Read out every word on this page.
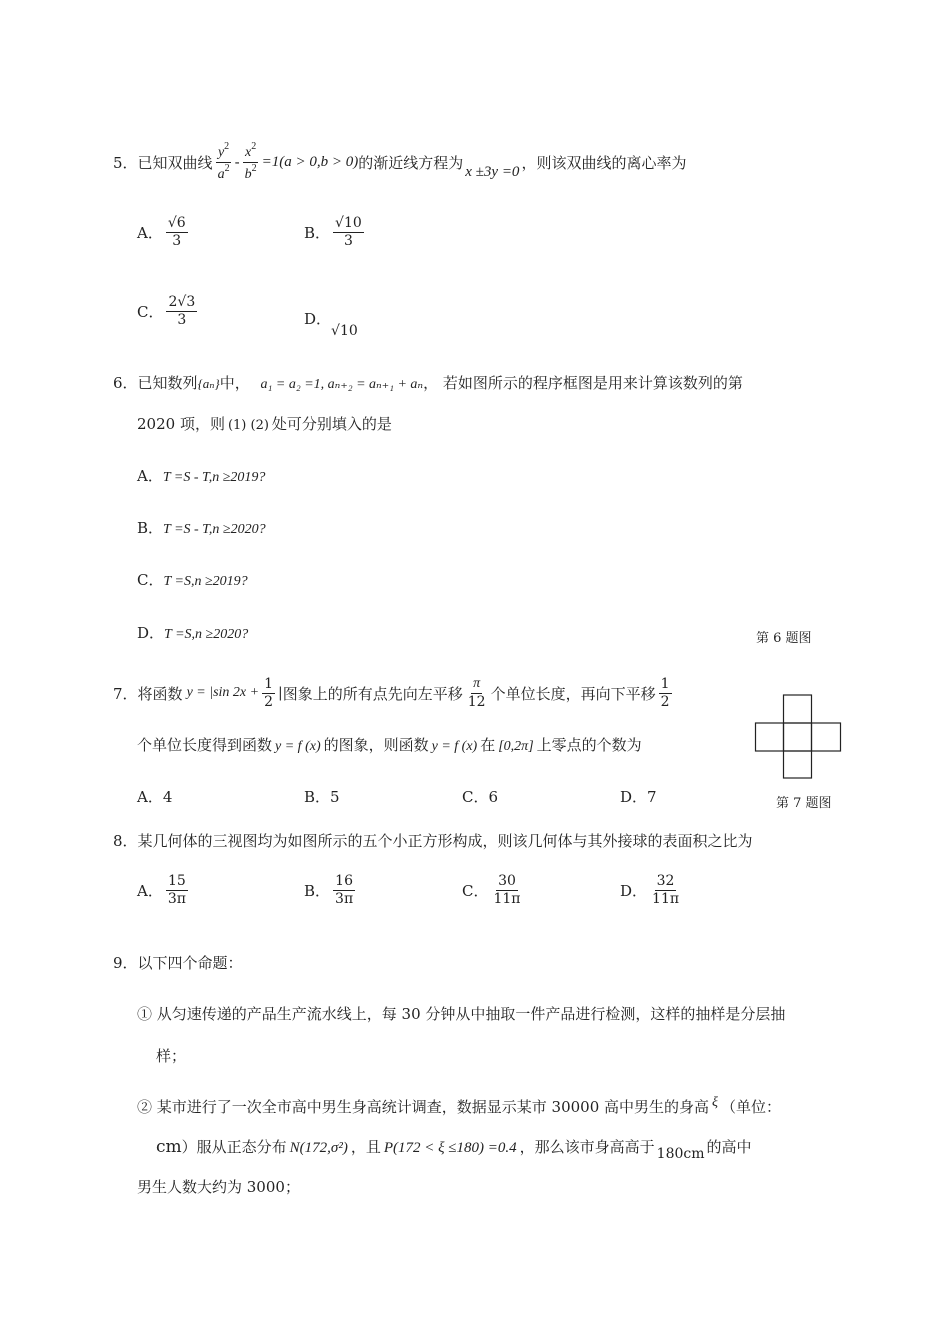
5． 已知双曲线 $\frac{y^2}{a^2} - \frac{x^2}{b^2} =1(a > 0,b > 0)$ 的渐近线方程为 x ±3y =0 ，则该双曲线的离心率为
A． $\frac{√6}{3}$	B． $\frac{√10}{3}$
C． $\frac{2√3}{3}$	D．
√10
6．已知数列{aₙ}中， a₁ = a₂ =1, aₙ₊₂ = aₙ₊₁ + aₙ， 若如图所示的程序框图是用来计算该数列的第
2020 项，则 (1) (2) 处可分别填入的是
A．T =S - T,n ≥2019?
B．T =S - T,n ≥2020?
C．T =S,n ≥2019?
D．T =S,n ≥2020?	第 6 题图
7． 将函数 y = |sin $2x + \frac{1}{2}$ | 图象上的所有点先向左平移 $\frac{\pi}{12}$ 个单位长度，再向下平移 $\frac{1}{2}$
个单位长度得到函数 y = f (x) 的图象，则函数 y = f (x) 在 [0,2π] 上零点的个数为
A．4	B．5	C．6	D．7	第 7 题图
8．某几何体的三视图均为如图所示的五个小正方形构成，则该几何体与其外接球的表面积之比为
A． $\frac{15}{3\pi}$	B． $\frac{16}{3\pi}$	C． $\frac{30}{11\pi}$	D． $\frac{32}{11\pi}$
9．以下四个命题：
① 从匀速传递的产品生产流水线上，每 30 分钟从中抽取一件产品进行检测，这样的抽样是分层抽
样；
② 某市进行了一次全市高中男生身高统计调查，数据显示某市 30000 高中男生的身高 ξ （单位：
cm）服从正态分布 N(172,σ²) ，且 P(172 < ξ ≤180) =0.4 ，那么该市身高高于 180cm 的高中
男生人数大约为 3000；
